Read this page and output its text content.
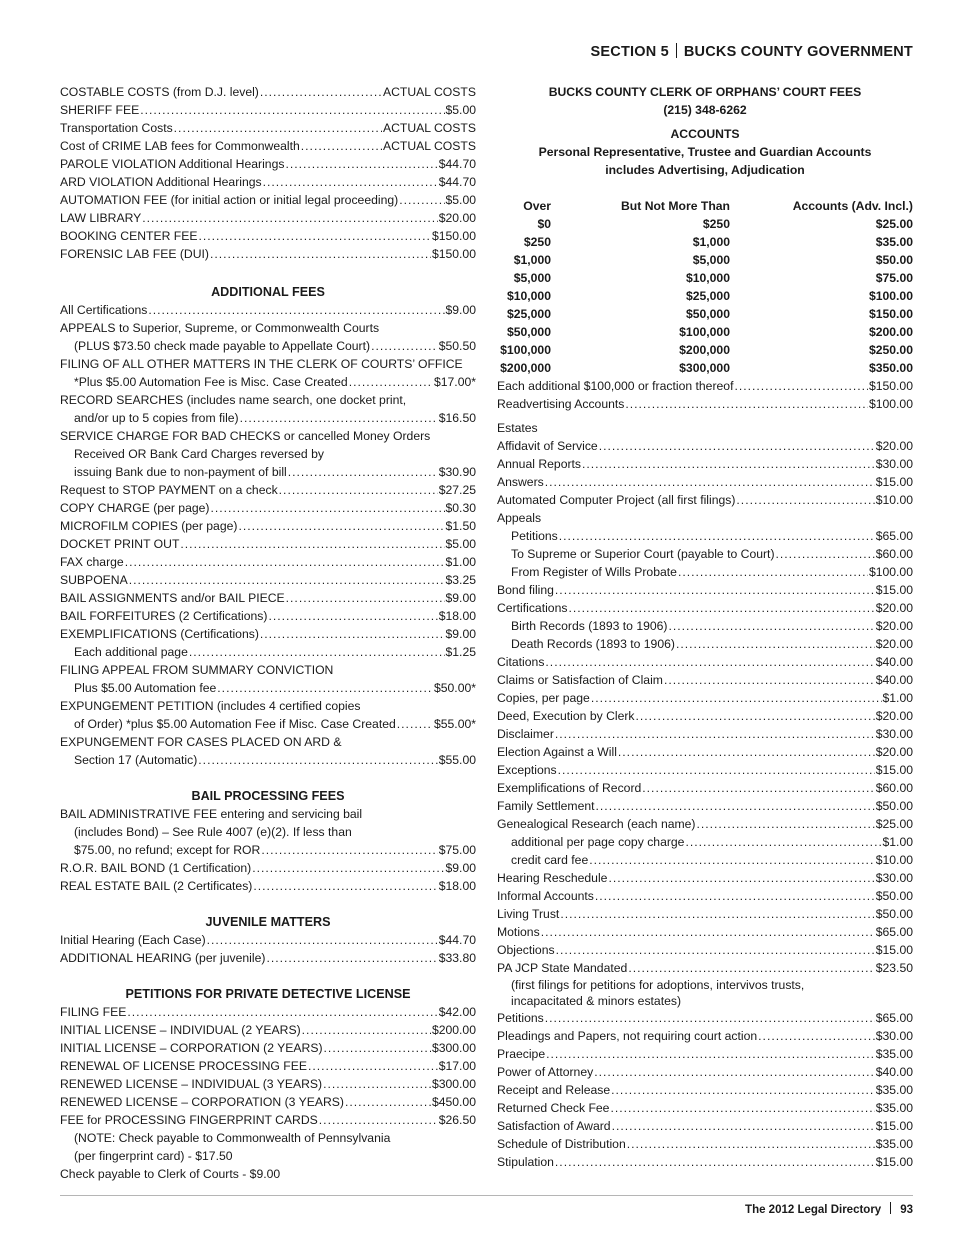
SECTION 5 BUCKS COUNTY GOVERNMENT
COSTABLE COSTS (from D.J. level) .....	ACTUAL COSTS
SHERIFF FEE .....	$5.00
Transportation Costs .....	ACTUAL COSTS
Cost of CRIME LAB fees for Commonwealth .....	ACTUAL COSTS
PAROLE VIOLATION Additional Hearings .....	$44.70
ARD VIOLATION Additional Hearings .....	$44.70
AUTOMATION FEE (for initial action or initial legal proceeding) .....	$5.00
LAW LIBRARY .....	$20.00
BOOKING CENTER FEE .....	$150.00
FORENSIC LAB FEE (DUI) .....	$150.00
ADDITIONAL FEES
All Certifications .....	$9.00
APPEALS to Superior, Supreme, or Commonwealth Courts
(PLUS $73.50 check made payable to Appellate Court) .....	$50.50
FILING OF ALL OTHER MATTERS IN THE CLERK OF COURTS’ OFFICE
*Plus $5.00 Automation Fee is Misc. Case Created .....	$17.00*
RECORD SEARCHES (includes name search, one docket print,
and/or up to 5 copies from file) .....	$16.50
SERVICE CHARGE FOR BAD CHECKS or cancelled Money Orders
Received OR Bank Card Charges reversed by
issuing Bank due to non-payment of bill .....	$30.90
Request to STOP PAYMENT on a check .....	$27.25
COPY CHARGE (per page) .....	$0.30
MICROFILM COPIES (per page) .....	$1.50
DOCKET PRINT OUT .....	$5.00
FAX charge .....	$1.00
SUBPOENA .....	$3.25
BAIL ASSIGNMENTS and/or BAIL PIECE .....	$9.00
BAIL FORFEITURES (2 Certifications) .....	$18.00
EXEMPLIFICATIONS (Certifications) .....	$9.00
Each additional page .....	$1.25
FILING APPEAL FROM SUMMARY CONVICTION
Plus $5.00 Automation fee .....	$50.00*
EXPUNGEMENT PETITION (includes 4 certified copies
of Order) *plus $5.00 Automation Fee if Misc. Case Created .....	$55.00*
EXPUNGEMENT FOR CASES PLACED ON ARD &
Section 17 (Automatic) .....	$55.00
BAIL PROCESSING FEES
BAIL ADMINISTRATIVE FEE entering and servicing bail
(includes Bond) – See Rule 4007 (e)(2). If less than
$75.00, no refund; except for ROR .....	$75.00
R.O.R. BAIL BOND (1 Certification) .....	$9.00
REAL ESTATE BAIL (2 Certificates) .....	$18.00
JUVENILE MATTERS
Initial Hearing (Each Case) .....	$44.70
ADDITIONAL HEARING (per juvenile) .....	$33.80
PETITIONS FOR PRIVATE DETECTIVE LICENSE
FILING FEE .....	$42.00
INITIAL LICENSE – INDIVIDUAL (2 YEARS) .....	$200.00
INITIAL LICENSE – CORPORATION (2 YEARS) .....	$300.00
RENEWAL OF LICENSE PROCESSING FEE .....	$17.00
RENEWED LICENSE – INDIVIDUAL (3 YEARS) .....	$300.00
RENEWED LICENSE – CORPORATION (3 YEARS) .....	$450.00
FEE for PROCESSING FINGERPRINT CARDS .....	$26.50
(NOTE: Check payable to Commonwealth of Pennsylvania
(per fingerprint card) - $17.50
Check payable to Clerk of Courts - $9.00
BUCKS COUNTY CLERK OF ORPHANS’ COURT FEES
(215) 348-6262
ACCOUNTS
Personal Representative, Trustee and Guardian Accounts
includes Advertising, Adjudication
Over	But Not More Than	Accounts (Adv. Incl.)
$0	$250	$25.00
$250	$1,000	$35.00
$1,000	$5,000	$50.00
$5,000	$10,000	$75.00
$10,000	$25,000	$100.00
$25,000	$50,000	$150.00
$50,000	$100,000	$200.00
$100,000	$200,000	$250.00
$200,000	$300,000	$350.00
Each additional $100,000 or fraction thereof .....	$150.00
Readvertising Accounts .....	$100.00
Estates
Affidavit of Service .....	$20.00
Annual Reports .....	$30.00
Answers .....	$15.00
Automated Computer Project (all first filings) .....	$10.00
Appeals
Petitions .....	$65.00
To Supreme or Superior Court (payable to Court) .....	$60.00
From Register of Wills Probate .....	$100.00
Bond filing .....	$15.00
Certifications .....	$20.00
Birth Records (1893 to 1906) .....	$20.00
Death Records (1893 to 1906) .....	$20.00
Citations .....	$40.00
Claims or Satisfaction of Claim .....	$40.00
Copies, per page .....	$1.00
Deed, Execution by Clerk .....	$20.00
Disclaimer .....	$30.00
Election Against a Will .....	$20.00
Exceptions .....	$15.00
Exemplifications of Record .....	$60.00
Family Settlement .....	$50.00
Genealogical Research (each name) .....	$25.00
additional per page copy charge .....	$1.00
credit card fee .....	$10.00
Hearing Reschedule .....	$30.00
Informal Accounts .....	$50.00
Living Trust .....	$50.00
Motions .....	$65.00
Objections .....	$15.00
PA JCP State Mandated .....	$23.50
(first filings for petitions for adoptions, intervivos trusts,
incapacitated & minors estates)
Petitions .....	$65.00
Pleadings and Papers, not requiring court action .....	$30.00
Praecipe .....	$35.00
Power of Attorney .....	$40.00
Receipt and Release .....	$35.00
Returned Check Fee .....	$35.00
Satisfaction of Award .....	$15.00
Schedule of Distribution .....	$35.00
Stipulation .....	$15.00
The 2012 Legal Directory 93
